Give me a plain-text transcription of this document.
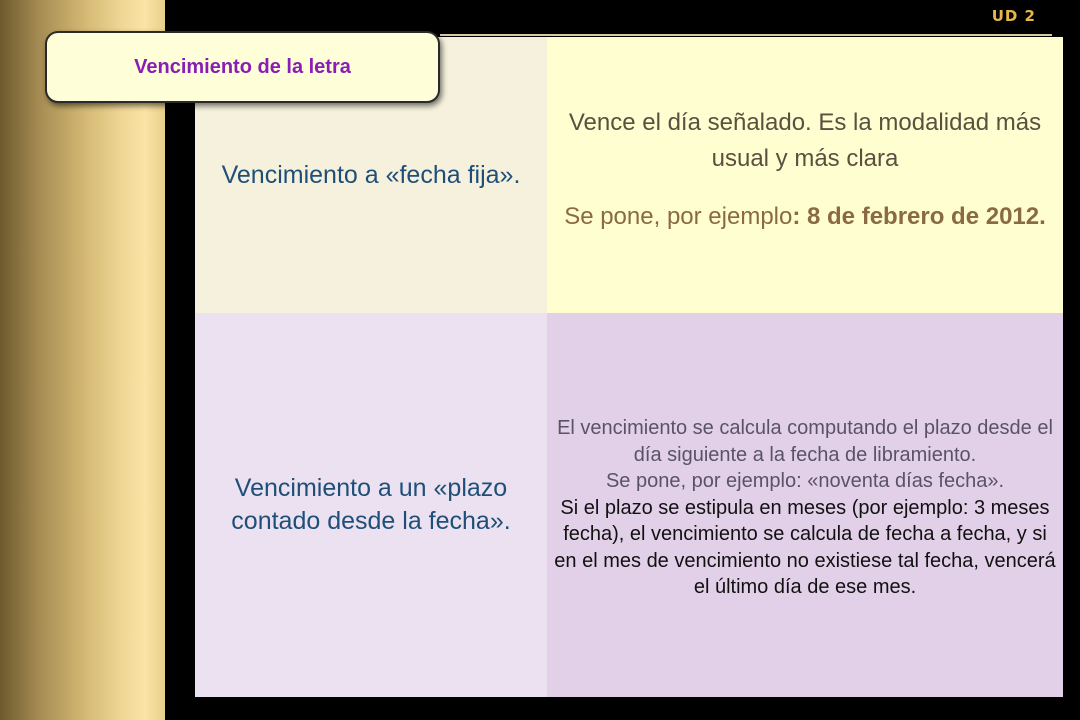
UD 2
Vencimiento a «fecha fija».
Vence el día señalado. Es la modalidad más usual y más clara
Se pone, por ejemplo: 8 de febrero de 2012.
Vencimiento a un «plazo contado desde la fecha».
El vencimiento se calcula computando el plazo desde el día siguiente a la fecha de libramiento.
Se pone, por ejemplo: «noventa días fecha».
Si el plazo se estipula en meses (por ejemplo: 3 meses fecha), el vencimiento se calcula de fecha a fecha, y si en el mes de vencimiento no existiese tal fecha, vencerá el último día de ese mes.
Vencimiento de la letra
